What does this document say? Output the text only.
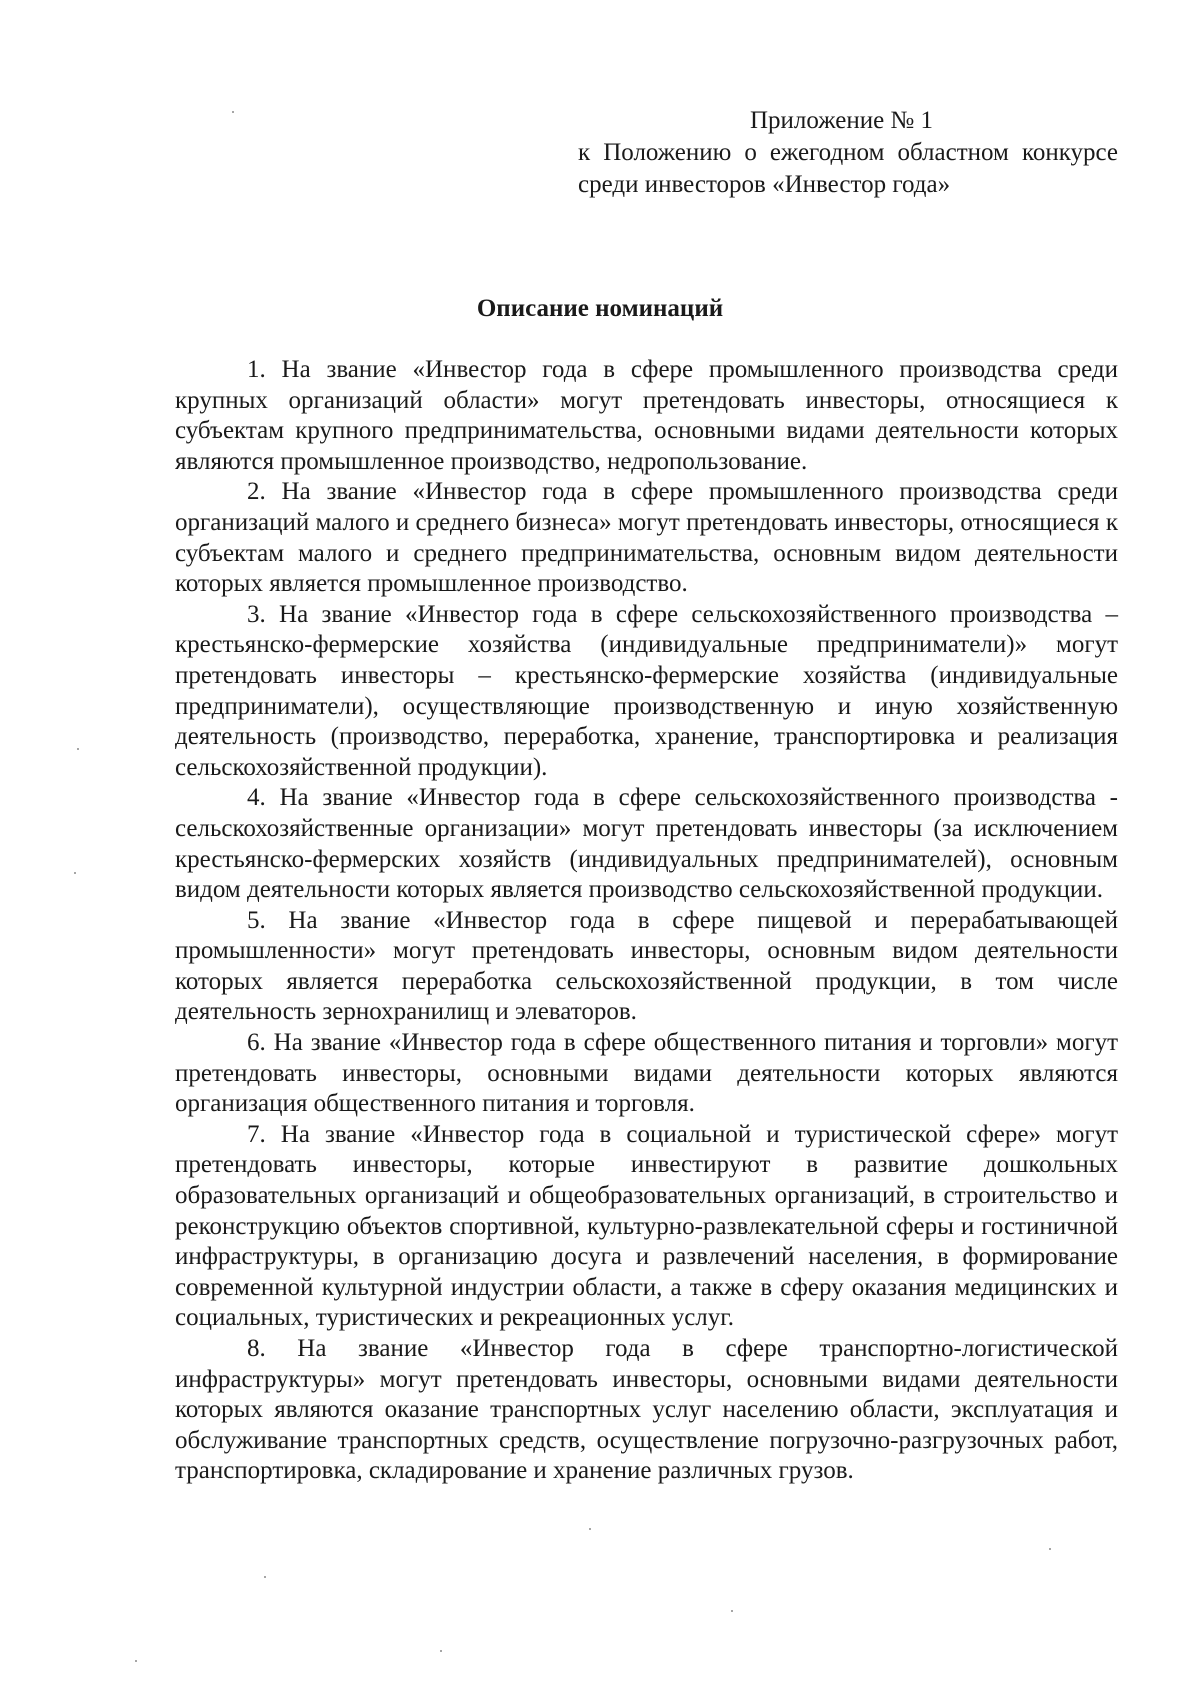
Приложение № 1
к Положению о ежегодном областном конкурсе среди инвесторов «Инвестор года»
Описание номинаций

1. На звание «Инвестор года в сфере промышленного производства среди крупных организаций области» могут претендовать инвесторы, относящиеся к субъектам крупного предпринимательства, основными видами деятельности которых являются промышленное производство, недропользование.

2. На звание «Инвестор года в сфере промышленного производства среди организаций малого и среднего бизнеса» могут претендовать инвесторы, относящиеся к субъектам малого и среднего предпринимательства, основным видом деятельности которых является промышленное производство.

3. На звание «Инвестор года в сфере сельскохозяйственного производства – крестьянско-фермерские хозяйства (индивидуальные предприниматели)» могут претендовать инвесторы – крестьянско-фермерские хозяйства (индивидуальные предприниматели), осуществляющие производственную и иную хозяйственную деятельность (производство, переработка, хранение, транспортировка и реализация сельскохозяйственной продукции).

4. На звание «Инвестор года в сфере сельскохозяйственного производства - сельскохозяйственные организации» могут претендовать инвесторы (за исключением крестьянско-фермерских хозяйств (индивидуальных предпринимателей), основным видом деятельности которых является производство сельскохозяйственной продукции.

5. На звание «Инвестор года в сфере пищевой и перерабатывающей промышленности» могут претендовать инвесторы, основным видом деятельности которых является переработка сельскохозяйственной продукции, в том числе деятельность зернохранилищ и элеваторов.

6. На звание «Инвестор года в сфере общественного питания и торговли» могут претендовать инвесторы, основными видами деятельности которых являются организация общественного питания и торговля.

7. На звание «Инвестор года в социальной и туристической сфере» могут претендовать инвесторы, которые инвестируют в развитие дошкольных образовательных организаций и общеобразовательных организаций, в строительство и реконструкцию объектов спортивной, культурно-развлекательной сферы и гостиничной инфраструктуры, в организацию досуга и развлечений населения, в формирование современной культурной индустрии области, а также в сферу оказания медицинских и социальных, туристических и рекреационных услуг.

8. На звание «Инвестор года в сфере транспортно-логистической инфраструктуры» могут претендовать инвесторы, основными видами деятельности которых являются оказание транспортных услуг населению области, эксплуатация и обслуживание транспортных средств, осуществление погрузочно-разгрузочных работ, транспортировка, складирование и хранение различных грузов.
